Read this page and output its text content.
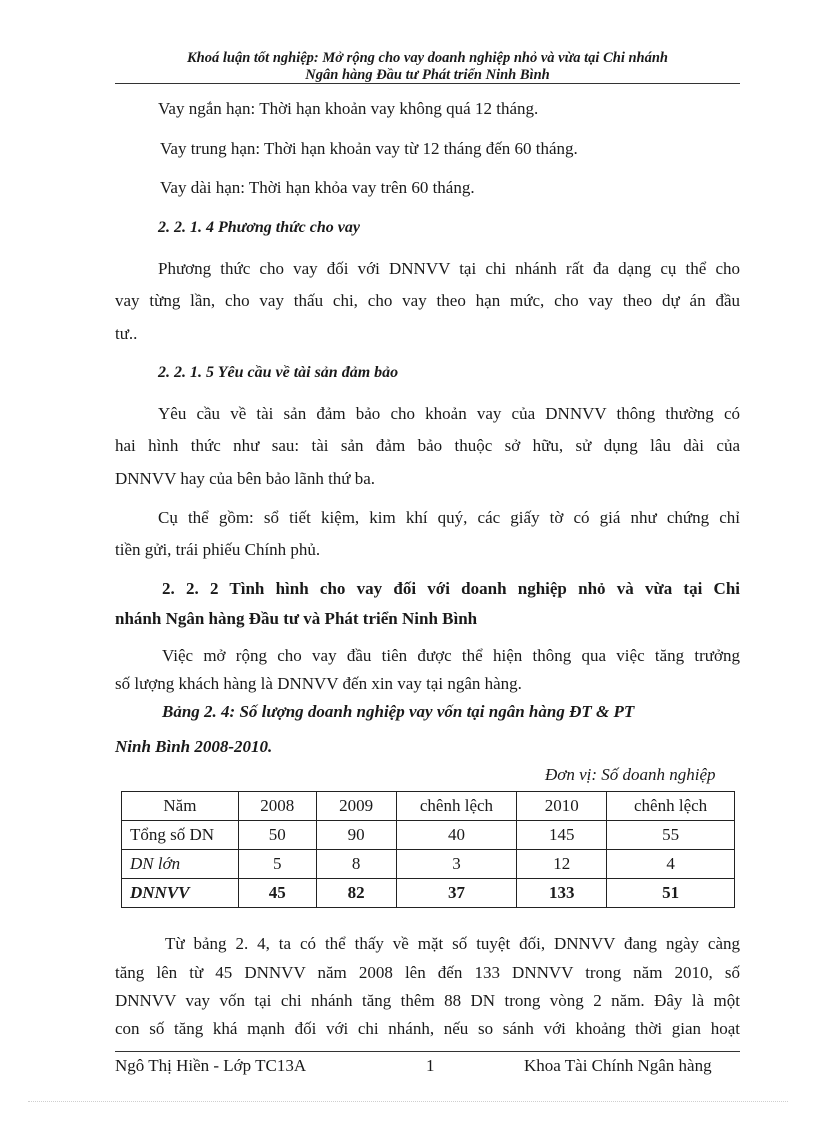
Khoá luận tốt nghiệp: Mở rộng cho vay doanh nghiệp nhỏ và vừa tại Chi nhánh
Ngân hàng Đầu tư Phát triển Ninh Bình
Vay ngắn hạn: Thời hạn khoản vay không quá 12 tháng.
Vay trung hạn: Thời hạn khoản vay từ 12 tháng đến 60 tháng.
Vay dài hạn: Thời hạn khỏa vay trên 60 tháng.
2. 2. 1. 4 Phương thức cho vay
Phương thức cho vay đối với DNNVV tại chi nhánh rất đa dạng cụ thể cho
vay từng lần, cho vay thấu chi, cho vay theo hạn mức, cho vay theo dự án đầu
tư..
2. 2. 1. 5 Yêu cầu về tài sản đảm bảo
Yêu cầu về tài sản đảm bảo cho khoản vay của DNNVV thông thường có
hai hình thức như sau: tài sản đảm bảo thuộc sở hữu, sử dụng lâu dài của
DNNVV hay của bên bảo lãnh thứ ba.
Cụ thể gồm: sổ tiết kiệm, kim khí quý, các giấy tờ có giá như chứng chỉ
tiền gửi, trái phiếu Chính phủ.
2. 2. 2 Tình hình cho vay đối với doanh nghiệp nhỏ và vừa tại Chi
nhánh Ngân hàng Đầu tư và Phát triển Ninh Bình
Việc mở rộng cho vay đầu tiên được thể hiện thông qua việc tăng trưởng
số lượng khách hàng là DNNVV đến xin vay tại ngân hàng.
Bảng 2. 4: Số lượng doanh nghiệp vay vốn tại ngân hàng ĐT & PT
Ninh Bình 2008-2010.
Đơn vị: Số doanh nghiệp
Năm	2008	2009	chênh lệch	2010	chênh lệch
Tổng số DN	50	90	40	145	55
DN lớn	5	8	3	12	4
DNNVV	45	82	37	133	51
Từ bảng 2. 4, ta có thể thấy về mặt số tuyệt đối, DNNVV đang ngày càng
tăng lên từ 45 DNNVV năm 2008 lên đến 133 DNNVV trong năm 2010, số
DNNVV vay vốn tại chi nhánh tăng thêm 88 DN trong vòng 2 năm. Đây là một
con số tăng khá mạnh đối với chi nhánh, nếu so sánh với khoảng thời gian hoạt
Ngô Thị Hiền - Lớp TC13A	1	Khoa Tài Chính Ngân hàng
